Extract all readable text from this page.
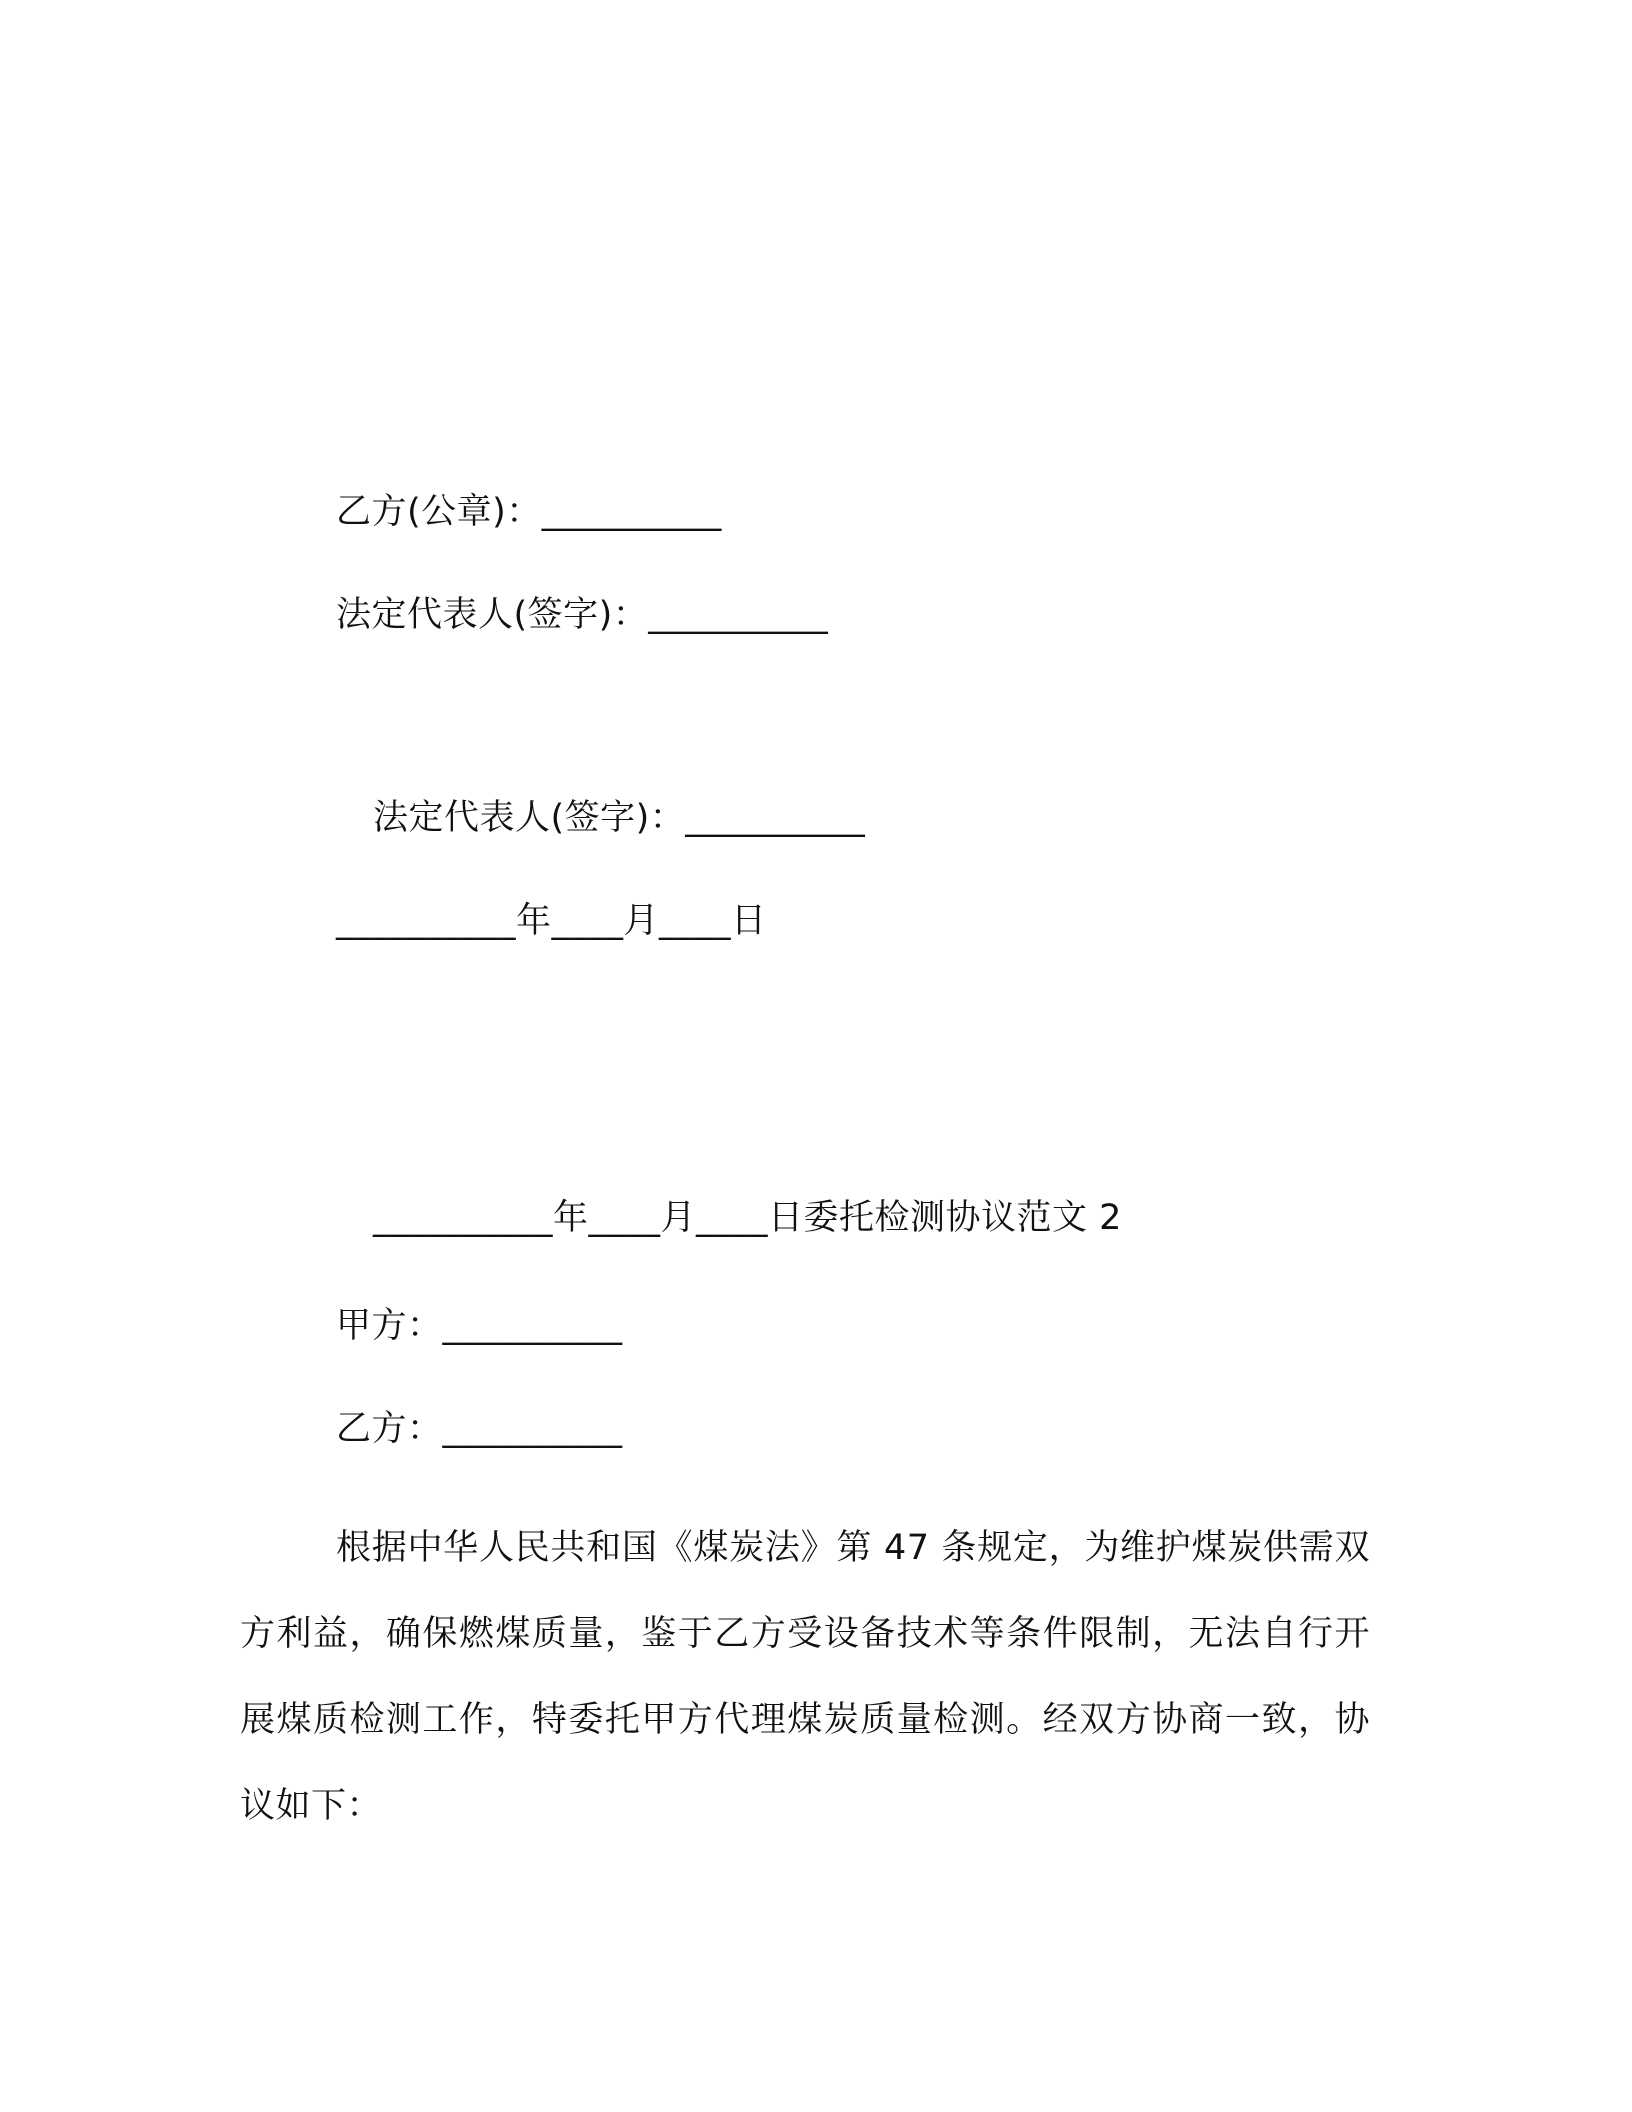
乙方(公章)：__________
法定代表人(签字)：__________
法定代表人(签字)：__________
__________年____月____日
__________年____月____日委托检测协议范文 2
甲方：__________
乙方：__________
根据中华人民共和国《煤炭法》第 47 条规定，为维护煤炭供需双方利益，确保燃煤质量，鉴于乙方受设备技术等条件限制，无法自行开展煤质检测工作，特委托甲方代理煤炭质量检测。经双方协商一致，协议如下：
